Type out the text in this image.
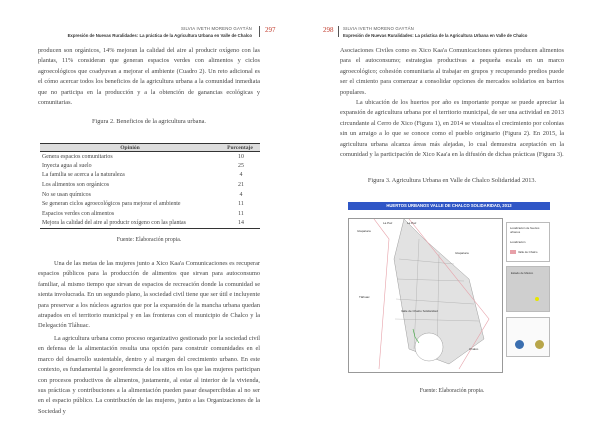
SILVIA IVETH MORENO GAYTÁN
Expresión de Nuevas Ruralidades: La práctica de la Agricultura Urbana en Valle de Chalco
297
producen son orgánicos, 14% mejoran la calidad del aire al producir oxígeno con las plantas, 11% consideran que generan espacios verdes con alimentos y ciclos agroecológicos que coadyuvan a mejorar el ambiente (Cuadro 2). Un reto adicional es el cómo acercar todos los beneficios de la agricultura urbana a la comunidad inmediata que no participa en la producción y a la obtención de ganancias ecológicas y comunitarias.
Figura 2. Beneficios de la agricultura urbana.
Opinión	Porcentaje
Genera espacios comunitarios	10
Inyecta agua al suelo	25
La familia se acerca a la naturaleza	4
Los alimentos son orgánicos	21
No se usan químicos	4
Se generan ciclos agroecológicos para mejorar el ambiente	11
Espacios verdes con alimentos	11
Mejora la calidad del aire al producir oxígeno con las plantas	14
Fuente: Elaboración propia.
Una de las metas de las mujeres junto a Xico Kaa'a Comunicaciones es recuperar espacios públicos para la producción de alimentos que sirvan para autoconsumo familiar, al mismo tiempo que sirvan de espacios de recreación donde la comunidad se sienta involucrada. En un segundo plano, la sociedad civil tiene que ser útil e incluyente para preservar a los núcleos agrarios que por la expansión de la mancha urbana quedan atrapados en el territorio municipal y en las fronteras con el municipio de Chalco y la Delegación Tláhuac.
La agricultura urbana como proceso organizativo gestionado por la sociedad civil en defensa de la alimentación resulta una opción para construir comunidades en el marco del desarrollo sustentable, dentro y al margen del crecimiento urbano. En este contexto, es fundamental la georeferencia de los sitios en los que las mujeres participan con procesos productivos de alimentos, justamente, al estar al interior de la vivienda, sus prácticas y contribuciones a la alimentación pueden pasar desapercibidas al no ser en el espacio público. La contribución de las mujeres, junto a las Organizaciones de la Sociedad y
298 SILVIA IVETH MORENO GAYTÁN
Expresión de Nuevas Ruralidades: La práctica de la Agricultura Urbana en Valle de Chalco
Asociaciones Civiles como es Xico Kaa'a Comunicaciones quienes producen alimentos para el autoconsumo; estrategias productivas a pequeña escala en un marco agroecológico; cohesión comunitaria al trabajar en grupos y recuperando predios puede ser el cimiento para comenzar a consolidar opciones de mercados solidarios en barrios populares.
La ubicación de los huertos por año es importante porque se puede apreciar la expansión de agricultura urbana por el territorio municipal, de ser una actividad en 2013 circundante al Cerro de Xico (Figura 1), en 2014 se visualiza el crecimiento por colonias sin un arraigo a lo que se conoce como el pueblo originario (Figura 2). En 2015, la agricultura urbana alcanza áreas más alejadas, lo cual demuestra aceptación en la comunidad y la participación de Xico Kaa'a en la difusión de dichas prácticas (Figura 3).
Figura 3. Agricultura Urbana en Valle de Chalco Solidaridad 2013.
HUERTOS URBANOS VALLE DE CHALCO SOLIDARIDAD, 2013
La Paz	La Paz
Ixtapaluca
Ixtapaluca
Tláhuac
Valle de Chalco Solidaridad
Chalco
Localización de huertos urbanos
Localización
Valle de Chalco
Estado de México
Fuente: Elaboración propia.
